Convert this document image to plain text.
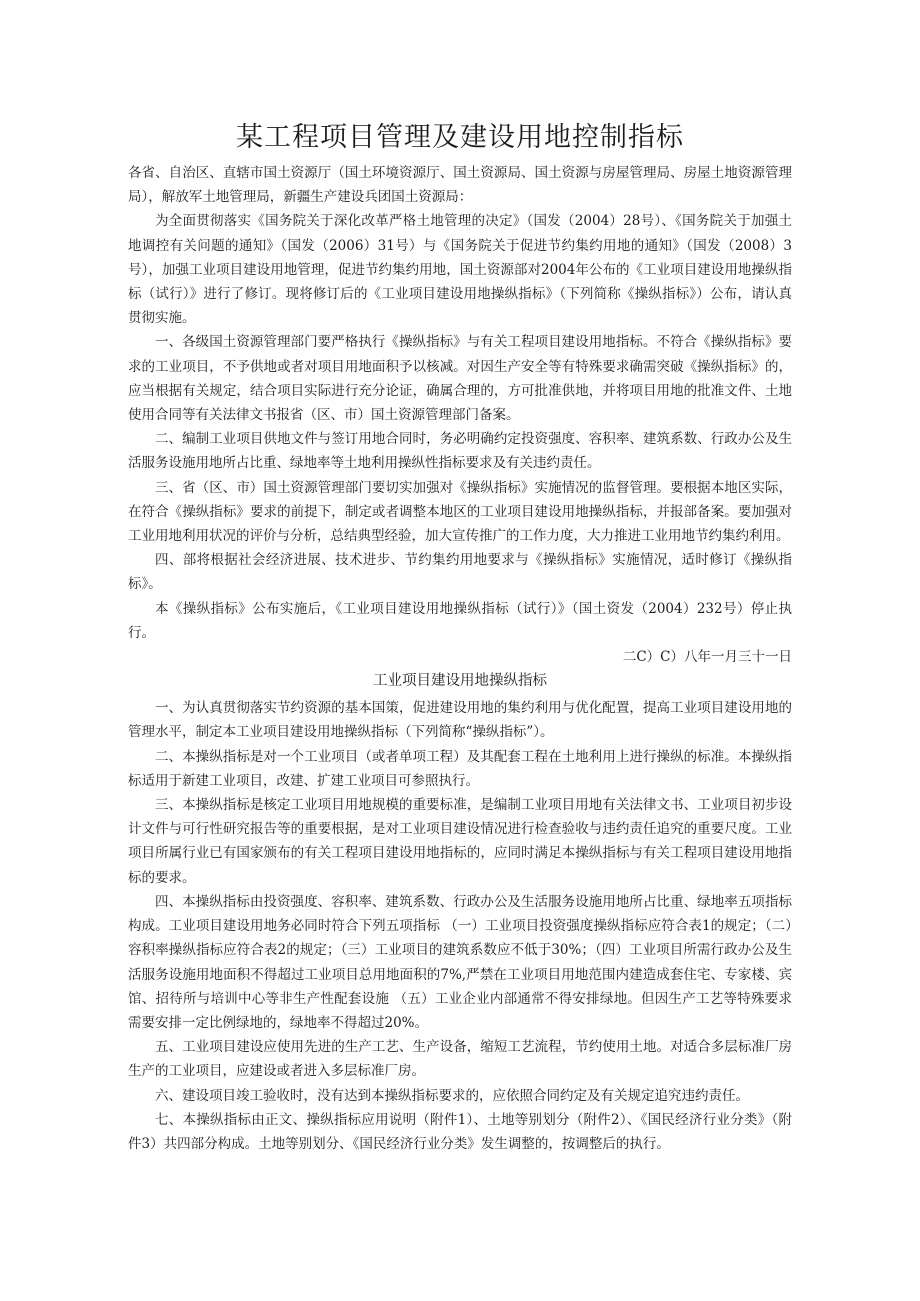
某工程项目管理及建设用地控制指标

各省、自治区、直辖市国土资源厅（国土环境资源厅、国土资源局、国土资源与房屋管理局、房屋土地资源管理局），解放军土地管理局，新疆生产建设兵团国土资源局：

为全面贯彻落实《国务院关于深化改革严格土地管理的决定》（国发（2004）28号）、《国务院关于加强土地调控有关问题的通知》（国发（2006）31号）与《国务院关于促进节约集约用地的通知》（国发（2008）3号），加强工业项目建设用地管理，促进节约集约用地，国土资源部对2004年公布的《工业项目建设用地操纵指标（试行）》进行了修订。现将修订后的《工业项目建设用地操纵指标》（下列简称《操纵指标》）公布，请认真贯彻实施。

一、各级国土资源管理部门要严格执行《操纵指标》与有关工程项目建设用地指标。不符合《操纵指标》要求的工业项目，不予供地或者对项目用地面积予以核减。对因生产安全等有特殊要求确需突破《操纵指标》的，应当根据有关规定，结合项目实际进行充分论证，确属合理的，方可批准供地，并将项目用地的批准文件、土地使用合同等有关法律文书报省（区、市）国土资源管理部门备案。

二、编制工业项目供地文件与签订用地合同时，务必明确约定投资强度、容积率、建筑系数、行政办公及生活服务设施用地所占比重、绿地率等土地利用操纵性指标要求及有关违约责任。

三、省（区、市）国土资源管理部门要切实加强对《操纵指标》实施情况的监督管理。要根据本地区实际，在符合《操纵指标》要求的前提下，制定或者调整本地区的工业项目建设用地操纵指标，并报部备案。要加强对工业用地利用状况的评价与分析，总结典型经验，加大宣传推广的工作力度，大力推进工业用地节约集约利用。

四、部将根据社会经济进展、技术进步、节约集约用地要求与《操纵指标》实施情况，适时修订《操纵指标》。

本《操纵指标》公布实施后，《工业项目建设用地操纵指标（试行）》（国土资发（2004）232号）停止执行。

二C）C）八年一月三十一日

工业项目建设用地操纵指标

一、为认真贯彻落实节约资源的基本国策，促进建设用地的集约利用与优化配置，提高工业项目建设用地的管理水平，制定本工业项目建设用地操纵指标（下列简称“操纵指标”）。

二、本操纵指标是对一个工业项目（或者单项工程）及其配套工程在土地利用上进行操纵的标准。本操纵指标适用于新建工业项目，改建、扩建工业项目可参照执行。

三、本操纵指标是核定工业项目用地规模的重要标准，是编制工业项目用地有关法律文书、工业项目初步设计文件与可行性研究报告等的重要根据，是对工业项目建设情况进行检查验收与违约责任追究的重要尺度。工业项目所属行业已有国家颁布的有关工程项目建设用地指标的，应同时满足本操纵指标与有关工程项目建设用地指标的要求。

四、本操纵指标由投资强度、容积率、建筑系数、行政办公及生活服务设施用地所占比重、绿地率五项指标构成。工业项目建设用地务必同时符合下列五项指标 （一）工业项目投资强度操纵指标应符合表1的规定；（二）容积率操纵指标应符合表2的规定；（三）工业项目的建筑系数应不低于30%；（四）工业项目所需行政办公及生活服务设施用地面积不得超过工业项目总用地面积的7%,严禁在工业项目用地范围内建造成套住宅、专家楼、宾馆、招待所与培训中心等非生产性配套设施 （五）工业企业内部通常不得安排绿地。但因生产工艺等特殊要求需要安排一定比例绿地的，绿地率不得超过20%。

五、工业项目建设应使用先进的生产工艺、生产设备，缩短工艺流程，节约使用土地。对适合多层标准厂房生产的工业项目，应建设或者进入多层标准厂房。

六、建设项目竣工验收时，没有达到本操纵指标要求的，应依照合同约定及有关规定追究违约责任。

七、本操纵指标由正文、操纵指标应用说明（附件1）、土地等别划分（附件2）、《国民经济行业分类》（附件3）共四部分构成。土地等别划分、《国民经济行业分类》发生调整的，按调整后的执行。
